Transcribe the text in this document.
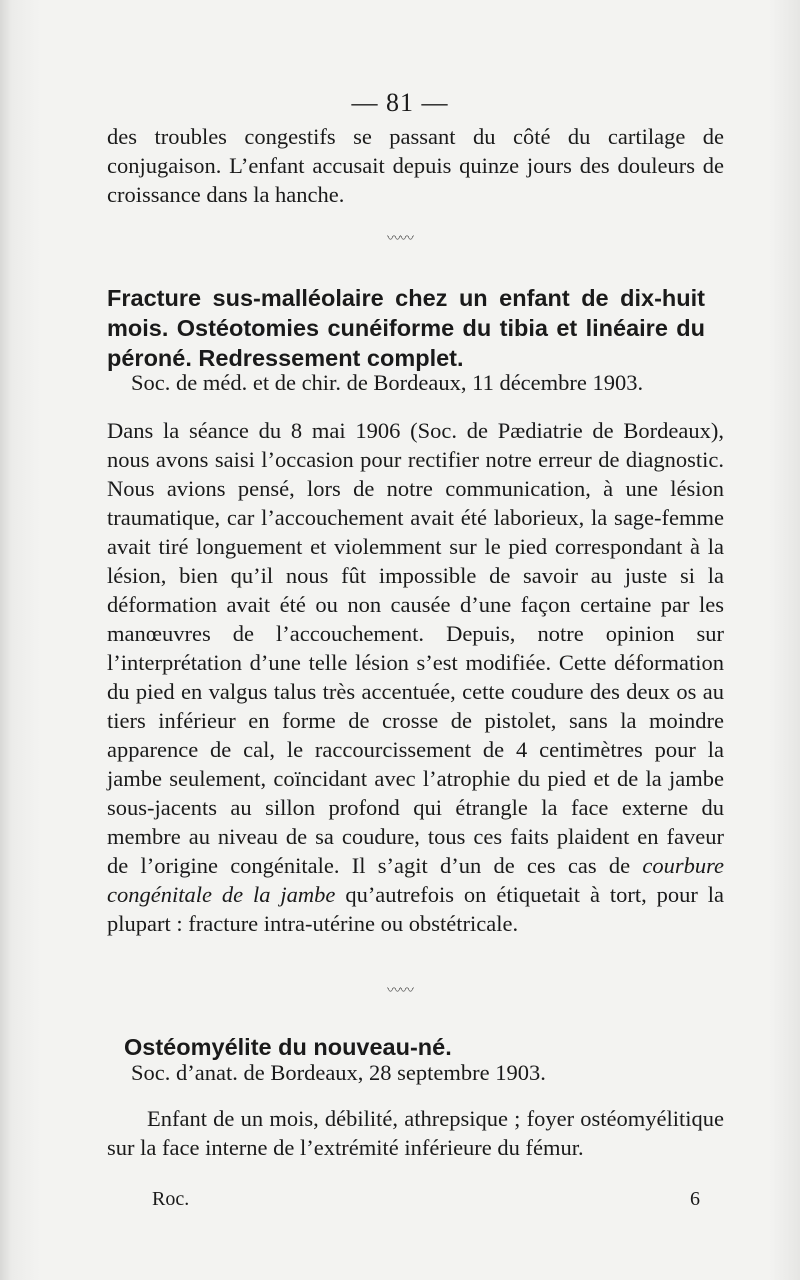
— 81 —
des troubles congestifs se passant du côté du cartilage de conjugaison. L’enfant accusait depuis quinze jours des douleurs de croissance dans la hanche.
〰〰
Fracture sus-malléolaire chez un enfant de dix-huit mois. Ostéotomies cunéiforme du tibia et linéaire du péroné. Redressement complet.
Soc. de méd. et de chir. de Bordeaux, 11 décembre 1903.
Dans la séance du 8 mai 1906 (Soc. de Pædiatrie de Bordeaux), nous avons saisi l’occasion pour rectifier notre erreur de diagnostic. Nous avions pensé, lors de notre communication, à une lésion traumatique, car l’accouchement avait été laborieux, la sage-femme avait tiré longuement et violemment sur le pied correspondant à la lésion, bien qu’il nous fût impossible de savoir au juste si la déformation avait été ou non causée d’une façon certaine par les manœuvres de l’accouchement. Depuis, notre opinion sur l’interprétation d’une telle lésion s’est modifiée. Cette déformation du pied en valgus talus très accentuée, cette coudure des deux os au tiers inférieur en forme de crosse de pistolet, sans la moindre apparence de cal, le raccourcissement de 4 centimètres pour la jambe seulement, coïncidant avec l’atrophie du pied et de la jambe sous-jacents au sillon profond qui étrangle la face externe du membre au niveau de sa coudure, tous ces faits plaident en faveur de l’origine congénitale. Il s’agit d’un de ces cas de courbure congénitale de la jambe qu’autrefois on étiquetait à tort, pour la plupart : fracture intra-utérine ou obstétricale.
〰〰
Ostéomyélite du nouveau-né.
Soc. d’anat. de Bordeaux, 28 septembre 1903.
Enfant de un mois, débilité, athrepsique ; foyer ostéomyélitique sur la face interne de l’extrémité inférieure du fémur.
Roc.	6
